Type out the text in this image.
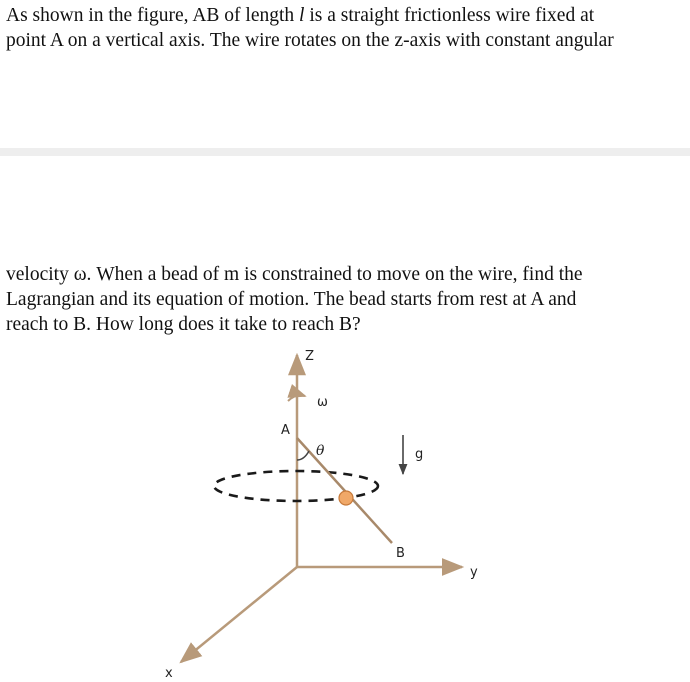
As shown in the figure, AB of length l is a straight frictionless wire fixed at
point A on a vertical axis. The wire rotates on the z-axis with constant angular

velocity ω. When a bead of m is constrained to move on the wire, find the
Lagrangian and its equation of motion. The bead starts from rest at A and
reach to B. How long does it take to reach B?

Z
y
x
A
B
ω
θ	g
